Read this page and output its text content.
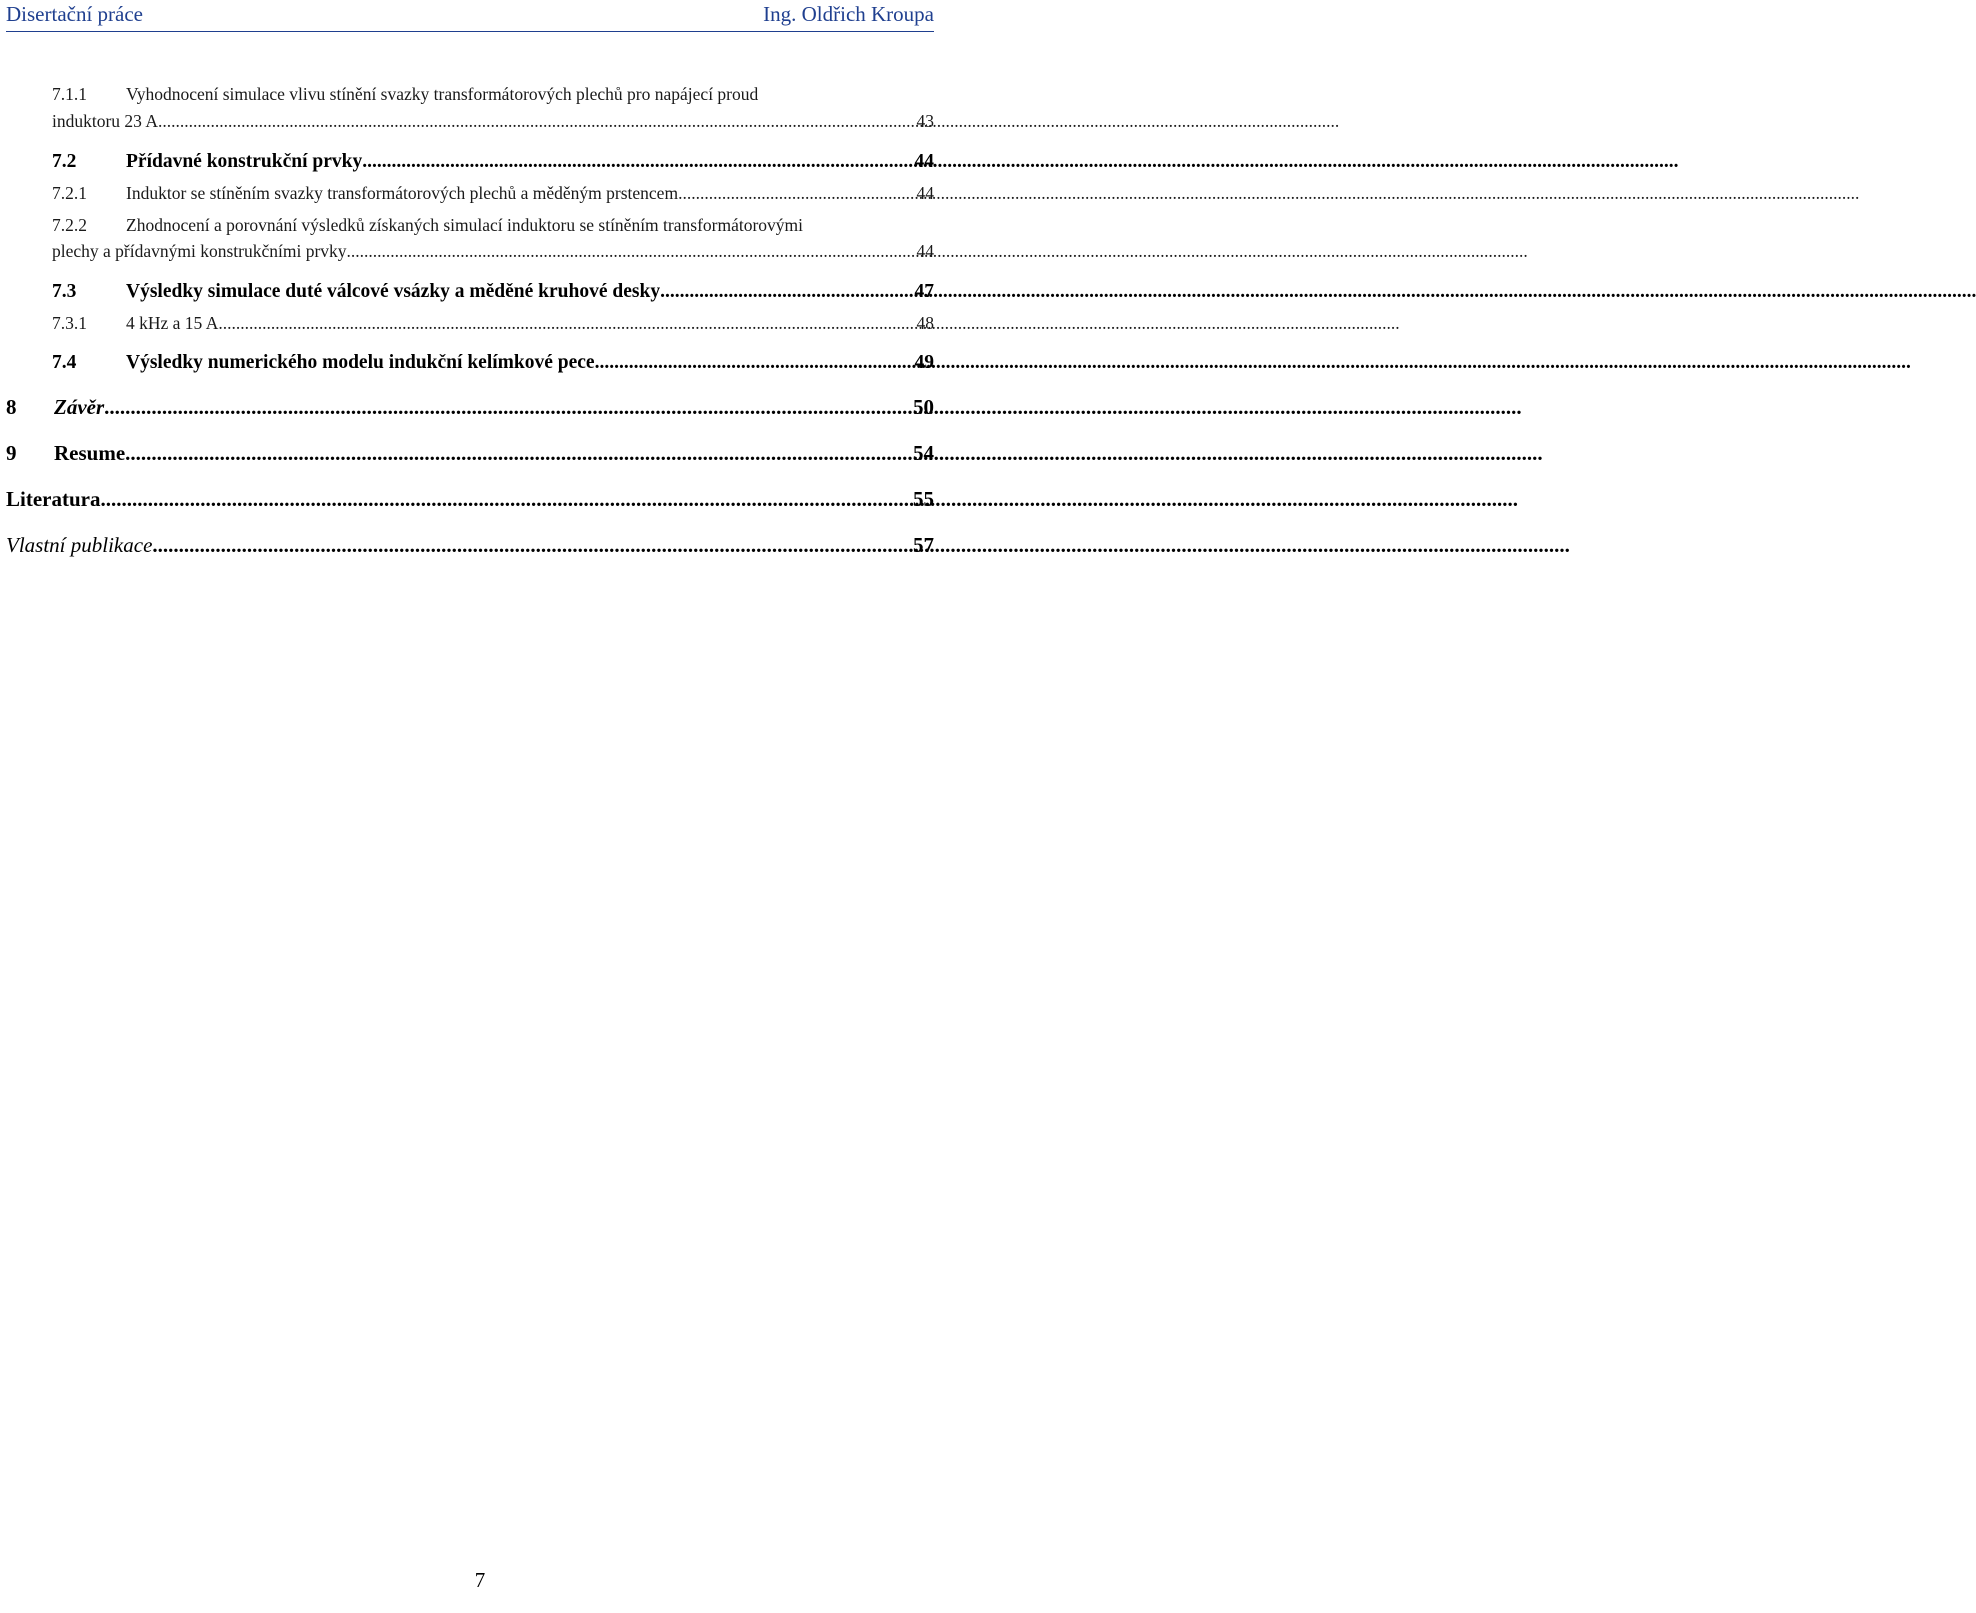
Disertační práce	Ing. Oldřich Kroupa
7.1.1 Vyhodnocení simulace vlivu stínění svazky transformátorových plechů pro napájecí proud
induktoru 23 A .....	43
7.2	Přídavné konstrukční prvky .....	44
7.2.1	Induktor se stíněním svazky transformátorových plechů a měděným prstencem .....	44
7.2.2 Zhodnocení a porovnání výsledků získaných simulací induktoru se stíněním transformátorovými
plechy a přídavnými konstrukčními prvky .....	44
7.3	Výsledky simulace duté válcové vsázky a měděné kruhové desky .....	47
7.3.1	4 kHz a 15 A .....	48
7.4	Výsledky numerického modelu indukční kelímkové pece .....	49
8	Závěr .....	50
9	Resume .....	54
Literatura .....	55
Vlastní publikace .....	57
7
